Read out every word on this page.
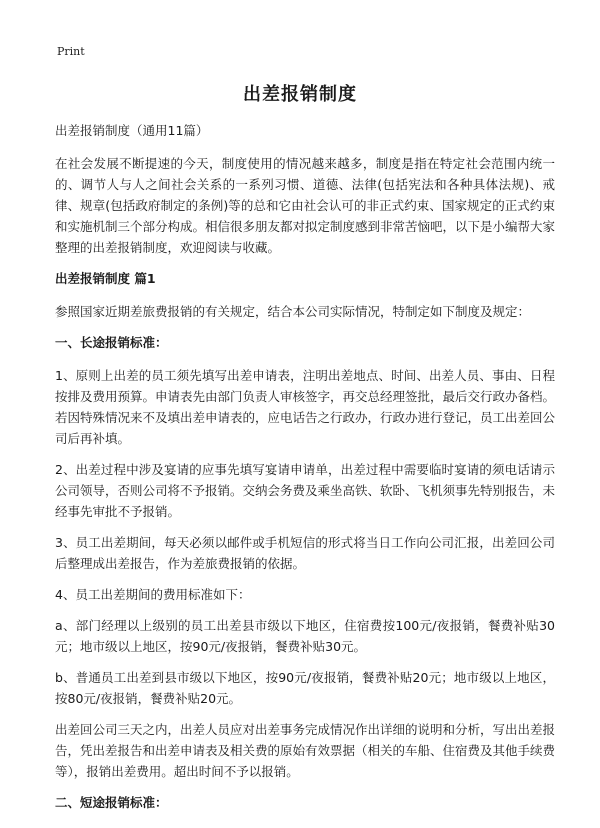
Print
出差报销制度

出差报销制度（通用11篇）

在社会发展不断提速的今天，制度使用的情况越来越多，制度是指在特定社会范围内统一的、调节人与人之间社会关系的一系列习惯、道德、法律(包括宪法和各种具体法规)、戒律、规章(包括政府制定的条例)等的总和它由社会认可的非正式约束、国家规定的正式约束和实施机制三个部分构成。相信很多朋友都对拟定制度感到非常苦恼吧，以下是小编帮大家整理的出差报销制度，欢迎阅读与收藏。

出差报销制度 篇1

参照国家近期差旅费报销的有关规定，结合本公司实际情况，特制定如下制度及规定：

一、长途报销标准：

1、原则上出差的员工须先填写出差申请表，注明出差地点、时间、出差人员、事由、日程按排及费用预算。申请表先由部门负责人审核签字，再交总经理签批，最后交行政办备档。若因特殊情况来不及填出差申请表的，应电话告之行政办，行政办进行登记，员工出差回公司后再补填。

2、出差过程中涉及宴请的应事先填写宴请申请单，出差过程中需要临时宴请的须电话请示公司领导，否则公司将不予报销。交纳会务费及乘坐高铁、软卧、飞机须事先特别报告，未经事先审批不予报销。

3、员工出差期间，每天必须以邮件或手机短信的形式将当日工作向公司汇报，出差回公司后整理成出差报告，作为差旅费报销的依据。

4、员工出差期间的费用标准如下：

a、部门经理以上级别的员工出差县市级以下地区，住宿费按100元/夜报销，餐费补贴30元；地市级以上地区，按90元/夜报销，餐费补贴30元。

b、普通员工出差到县市级以下地区，按90元/夜报销，餐费补贴20元；地市级以上地区，按80元/夜报销，餐费补贴20元。

出差回公司三天之内，出差人员应对出差事务完成情况作出详细的说明和分析，写出出差报告，凭出差报告和出差申请表及相关费的原始有效票据（相关的车船、住宿费及其他手续费等），报销出差费用。超出时间不予以报销。

二、短途报销标准：
